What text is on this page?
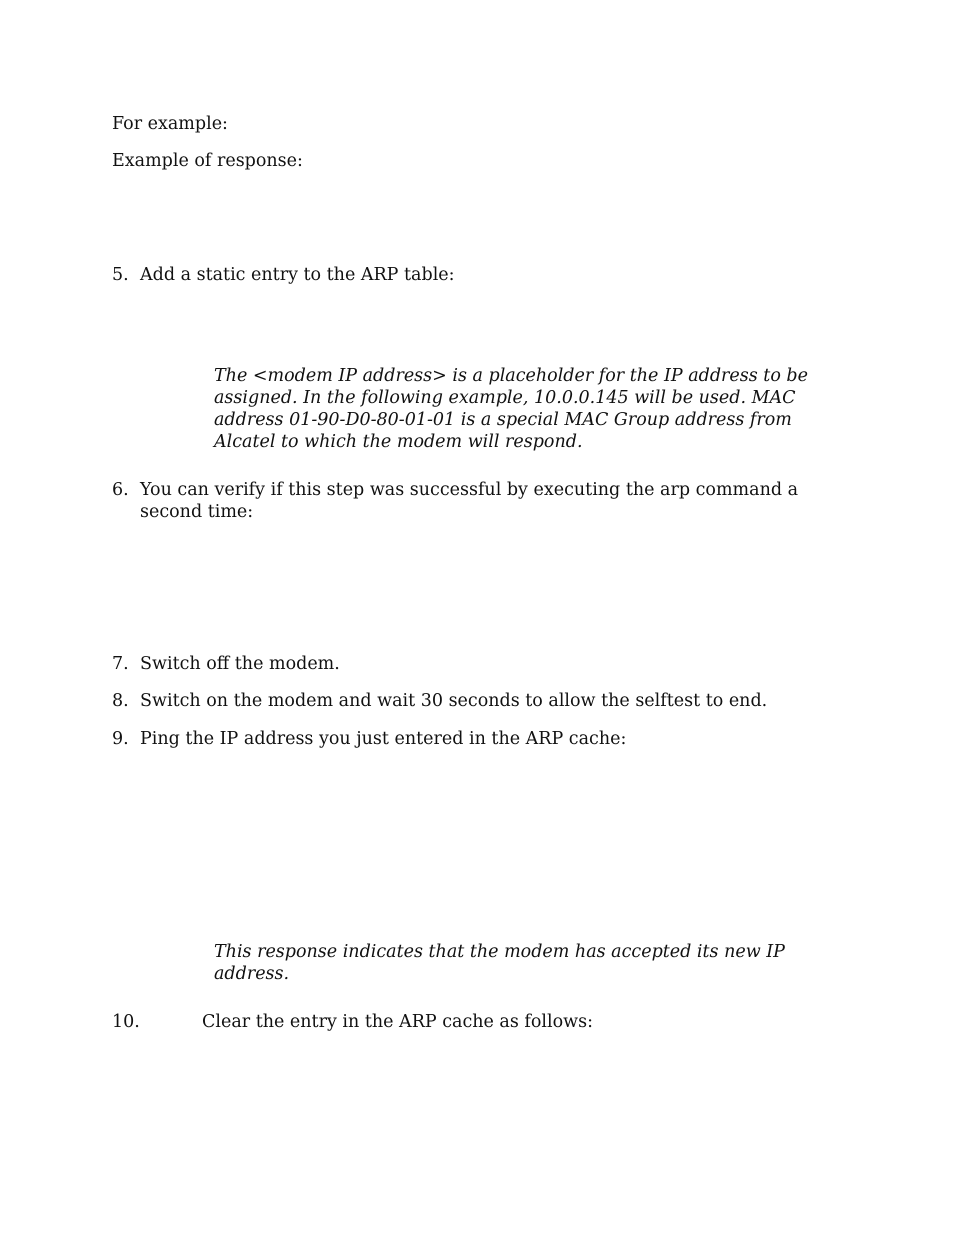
For example:
Example of response:
5. Add a static entry to the ARP table:
The <modem IP address> is a placeholder for the IP address to be assigned. In the following example, 10.0.0.145 will be used. MAC address 01-90-D0-80-01-01 is a special MAC Group address from Alcatel to which the modem will respond.
6. You can verify if this step was successful by executing the arp command a second time:
7. Switch off the modem.
8. Switch on the modem and wait 30 seconds to allow the selftest to end.
9. Ping the IP address you just entered in the ARP cache:
This response indicates that the modem has accepted its new IP address.
10.	Clear the entry in the ARP cache as follows:
